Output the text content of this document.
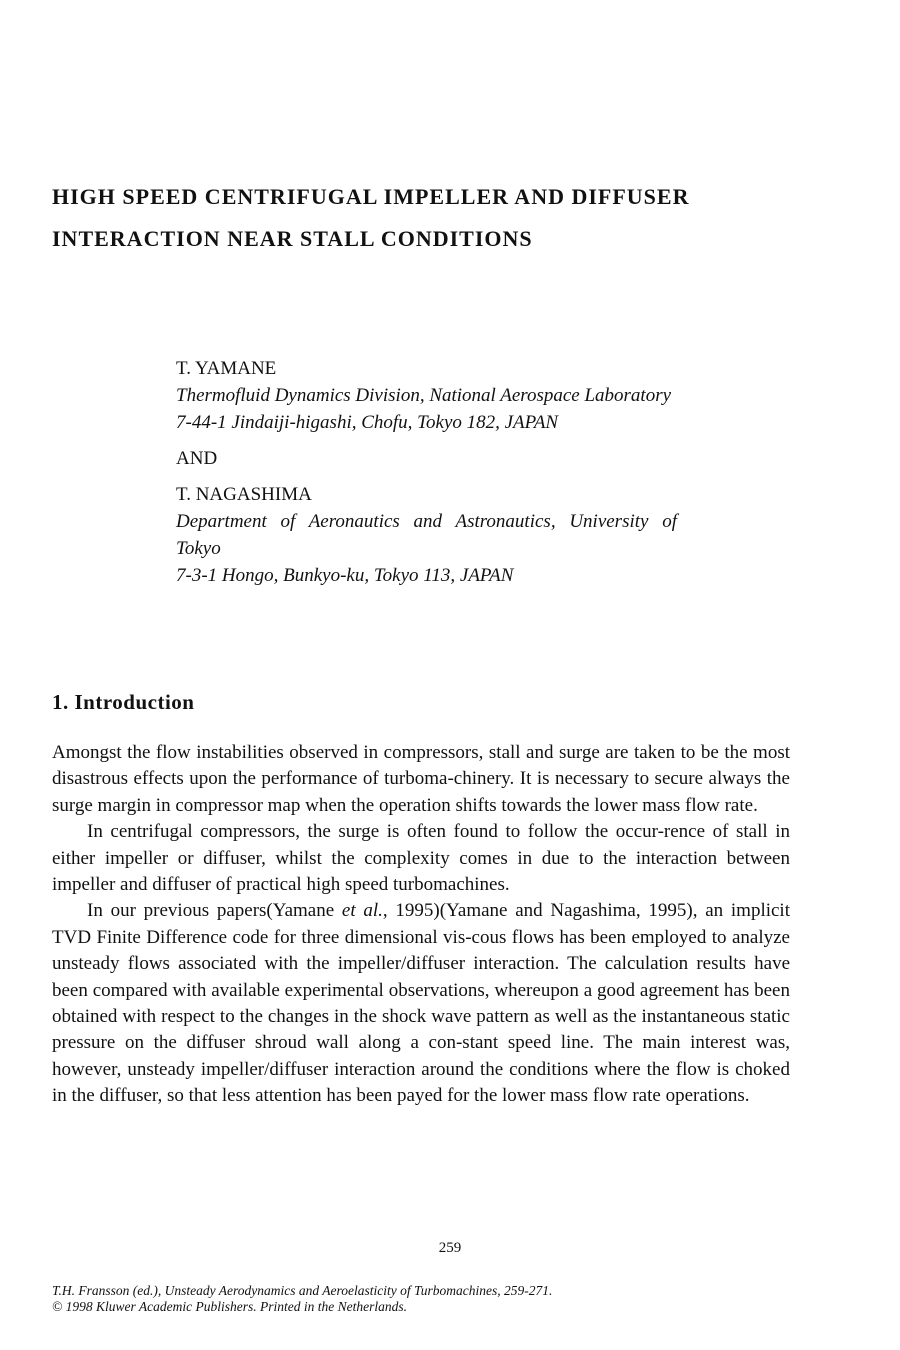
HIGH SPEED CENTRIFUGAL IMPELLER AND DIFFUSER
INTERACTION NEAR STALL CONDITIONS
T. YAMANE
Thermofluid Dynamics Division, National Aerospace Laboratory
7-44-1 Jindaiji-higashi, Chofu, Tokyo 182, JAPAN
AND
T. NAGASHIMA
Department of Aeronautics and Astronautics, University of
Tokyo
7-3-1 Hongo, Bunkyo-ku, Tokyo 113, JAPAN
1. Introduction

Amongst the flow instabilities observed in compressors, stall and surge are taken to be the most disastrous effects upon the performance of turboma-chinery. It is necessary to secure always the surge margin in compressor map when the operation shifts towards the lower mass flow rate.

In centrifugal compressors, the surge is often found to follow the occur-rence of stall in either impeller or diffuser, whilst the complexity comes in due to the interaction between impeller and diffuser of practical high speed turbomachines.

In our previous papers(Yamane et al., 1995)(Yamane and Nagashima, 1995), an implicit TVD Finite Difference code for three dimensional vis-cous flows has been employed to analyze unsteady flows associated with the impeller/diffuser interaction. The calculation results have been compared with available experimental observations, whereupon a good agreement has been obtained with respect to the changes in the shock wave pattern as well as the instantaneous static pressure on the diffuser shroud wall along a con-stant speed line. The main interest was, however, unsteady impeller/diffuser interaction around the conditions where the flow is choked in the diffuser, so that less attention has been payed for the lower mass flow rate operations.

259
T.H. Fransson (ed.), Unsteady Aerodynamics and Aeroelasticity of Turbomachines, 259-271.
© 1998 Kluwer Academic Publishers. Printed in the Netherlands.
